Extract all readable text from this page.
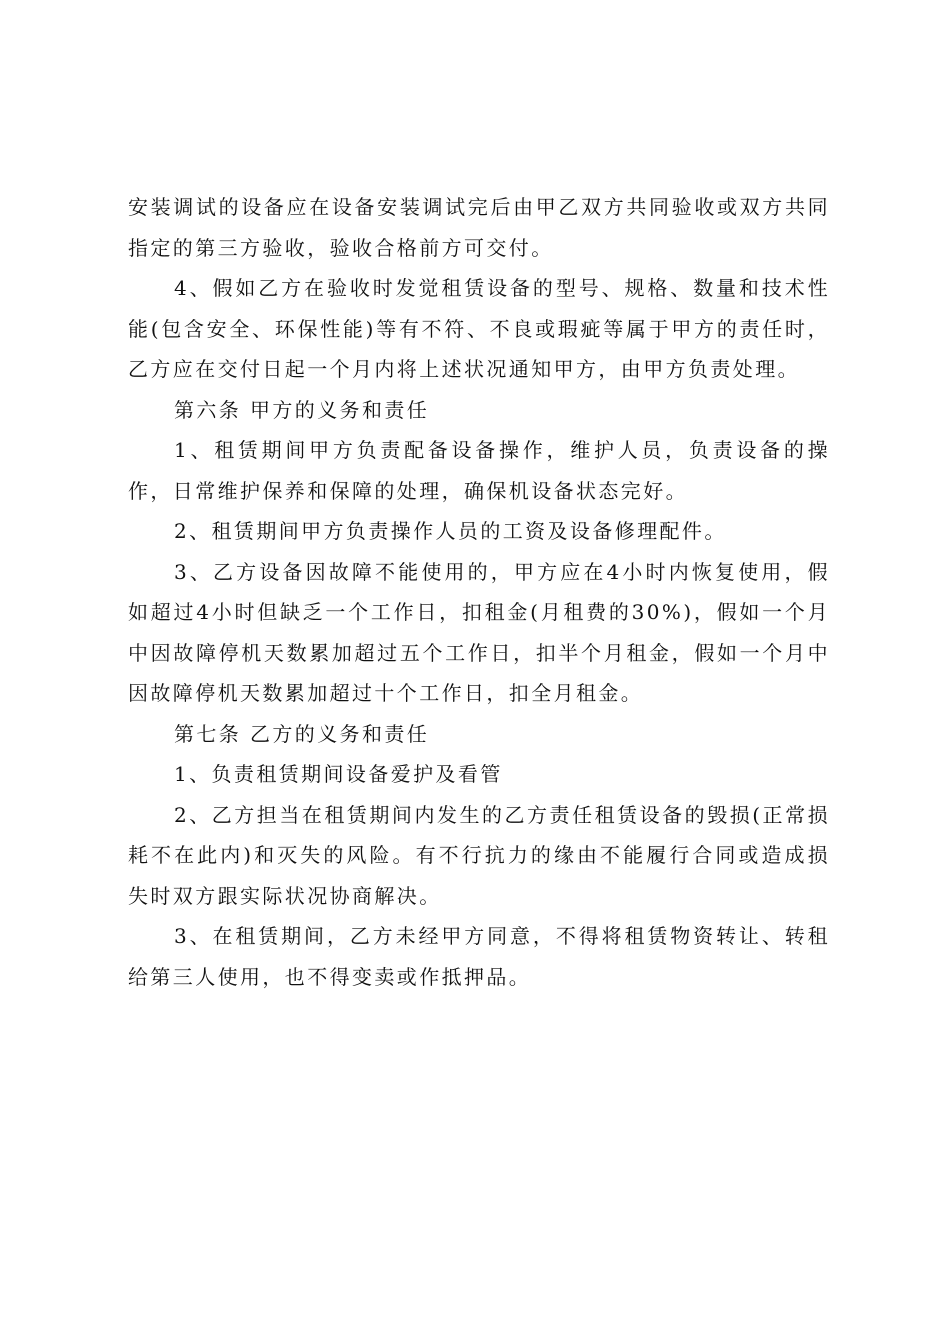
安装调试的设备应在设备安装调试完后由甲乙双方共同验收或双方共同指定的第三方验收，验收合格前方可交付。

4、假如乙方在验收时发觉租赁设备的型号、规格、数量和技术性能(包含安全、环保性能)等有不符、不良或瑕疵等属于甲方的责任时，乙方应在交付日起一个月内将上述状况通知甲方，由甲方负责处理。

第六条 甲方的义务和责任

1、租赁期间甲方负责配备设备操作，维护人员，负责设备的操作，日常维护保养和保障的处理，确保机设备状态完好。

2、租赁期间甲方负责操作人员的工资及设备修理配件。

3、乙方设备因故障不能使用的，甲方应在4小时内恢复使用，假如超过4小时但缺乏一个工作日，扣租金(月租费的30%)，假如一个月中因故障停机天数累加超过五个工作日，扣半个月租金，假如一个月中因故障停机天数累加超过十个工作日，扣全月租金。

第七条 乙方的义务和责任

1、负责租赁期间设备爱护及看管

2、乙方担当在租赁期间内发生的乙方责任租赁设备的毁损(正常损耗不在此内)和灭失的风险。有不行抗力的缘由不能履行合同或造成损失时双方跟实际状况协商解决。

3、在租赁期间，乙方未经甲方同意，不得将租赁物资转让、转租给第三人使用，也不得变卖或作抵押品。
